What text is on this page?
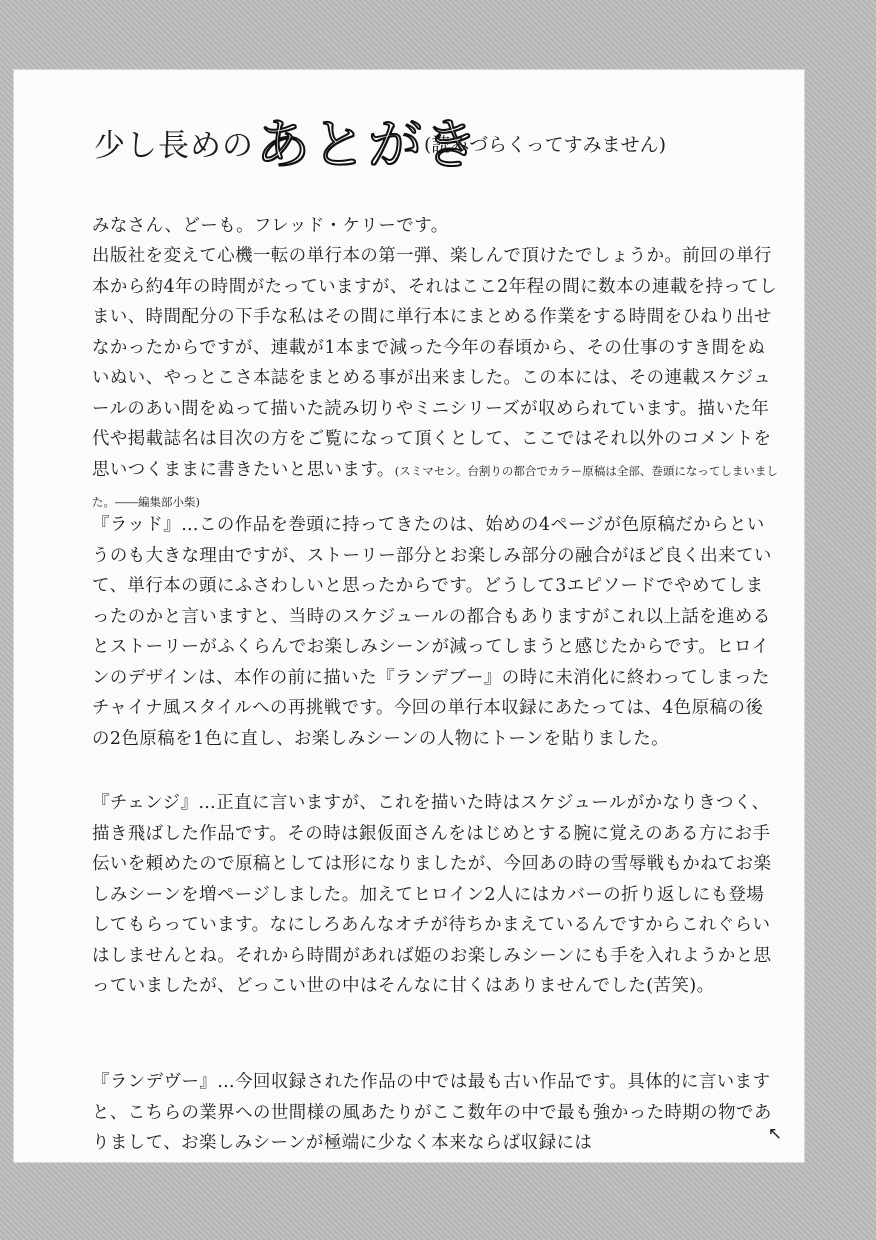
少し長めの あとがき
(読みづらくってすみません)

みなさん、どーも。フレッド・ケリーです。
出版社を変えて心機一転の単行本の第一弾、楽しんで頂けたでしょうか。前回の単行本から約4年の時間がたっていますが、それはここ2年程の間に数本の連載を持ってしまい、時間配分の下手な私はその間に単行本にまとめる作業をする時間をひねり出せなかったからですが、連載が1本まで減った今年の春頃から、その仕事のすき間をぬいぬい、やっとこさ本誌をまとめる事が出来ました。この本には、その連載スケジュールのあい間をぬって描いた読み切りやミニシリーズが収められています。描いた年代や掲載誌名は目次の方をご覧になって頂くとして、ここではそれ以外のコメントを思いつくままに書きたいと思います。(スミマセン。台割りの都合でカラー原稿は全部、巻頭になってしまいました。――編集部小柴)

『ラッド』…この作品を巻頭に持ってきたのは、始めの4ページが色原稿だからというのも大きな理由ですが、ストーリー部分とお楽しみ部分の融合がほど良く出来ていて、単行本の頭にふさわしいと思ったからです。どうして3エピソードでやめてしまったのかと言いますと、当時のスケジュールの都合もありますがこれ以上話を進めるとストーリーがふくらんでお楽しみシーンが減ってしまうと感じたからです。ヒロインのデザインは、本作の前に描いた『ランデブー』の時に未消化に終わってしまったチャイナ風スタイルへの再挑戦です。今回の単行本収録にあたっては、4色原稿の後の2色原稿を1色に直し、お楽しみシーンの人物にトーンを貼りました。
『チェンジ』…正直に言いますが、これを描いた時はスケジュールがかなりきつく、描き飛ばした作品です。その時は銀仮面さんをはじめとする腕に覚えのある方にお手伝いを頼めたので原稿としては形になりましたが、今回あの時の雪辱戦もかねてお楽しみシーンを増ページしました。加えてヒロイン2人にはカバーの折り返しにも登場してもらっています。なにしろあんなオチが待ちかまえているんですからこれぐらいはしませんとね。それから時間があれば姫のお楽しみシーンにも手を入れようかと思っていましたが、どっこい世の中はそんなに甘くはありませんでした(苦笑)。
『ランデヴー』…今回収録された作品の中では最も古い作品です。具体的に言いますと、こちらの業界への世間様の風あたりがここ数年の中で最も強かった時期の物でありまして、お楽しみシーンが極端に少なく本来ならば収録には	↖
